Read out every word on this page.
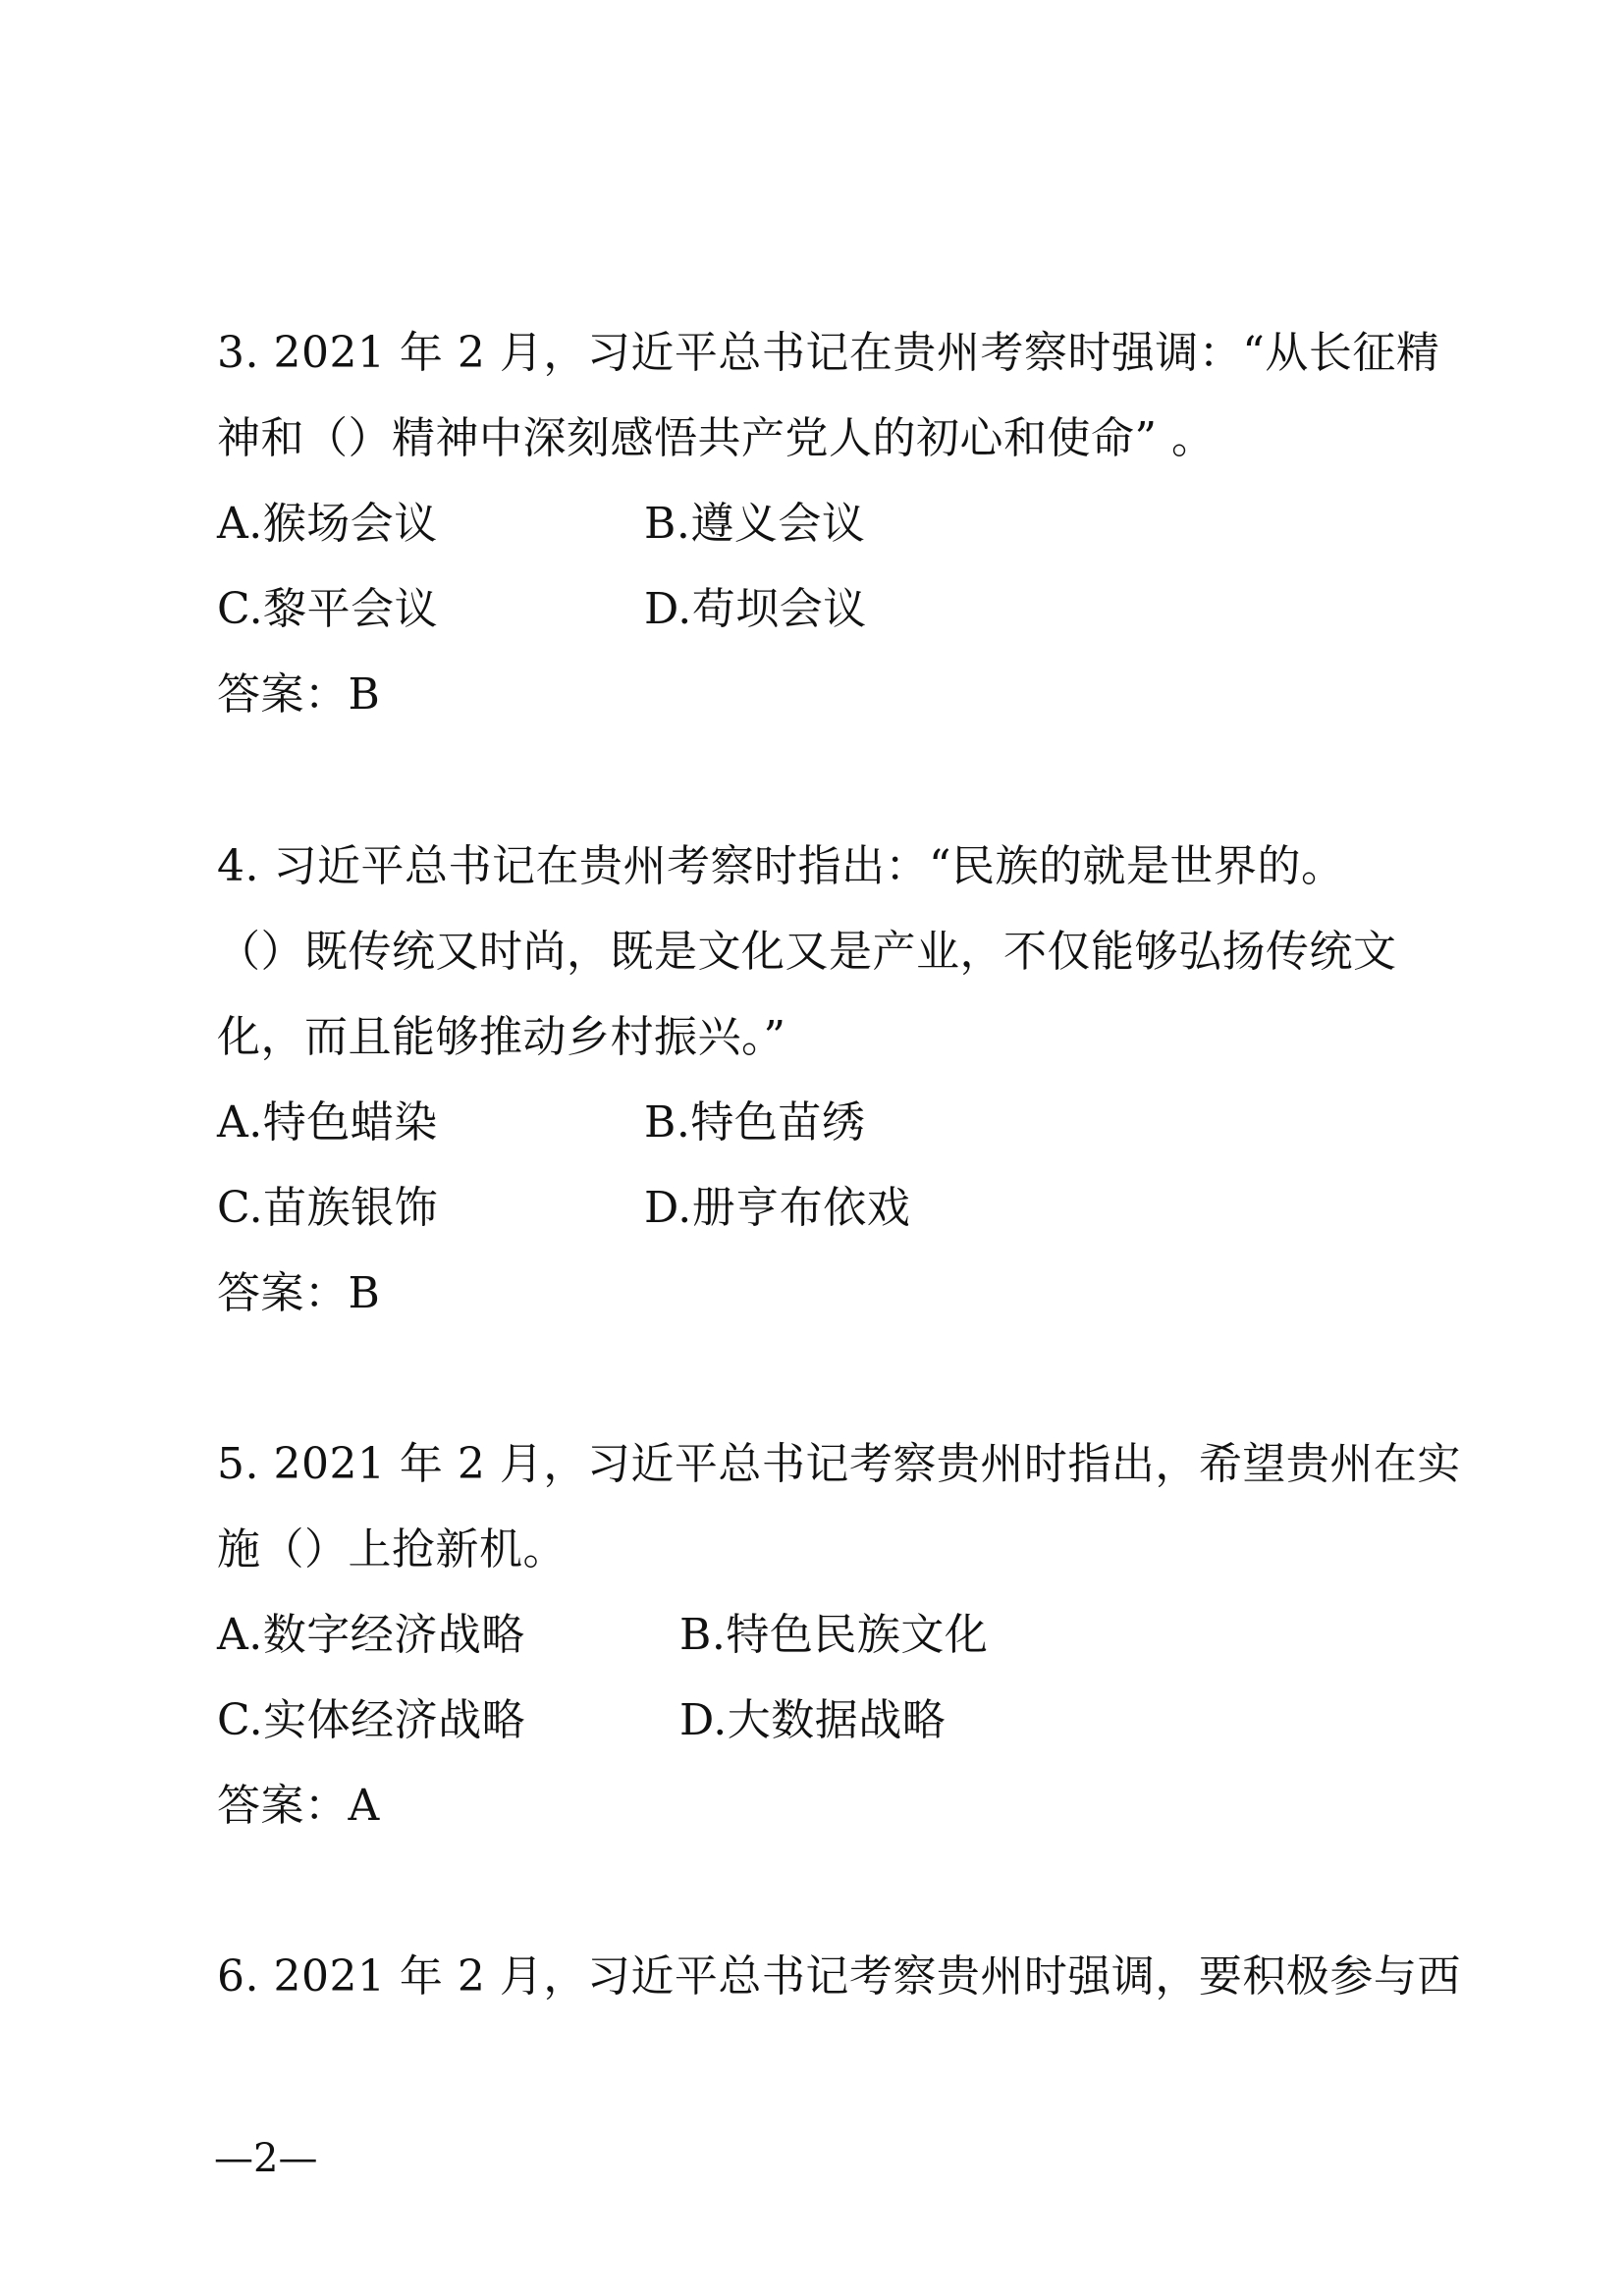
3. 2021 年 2 月，习近平总书记在贵州考察时强调：“从长征精
神和（）精神中深刻感悟共产党人的初心和使命” 。
A.猴场会议	B.遵义会议
C.黎平会议	D.苟坝会议
答案：B
4. 习近平总书记在贵州考察时指出：“民族的就是世界的。
（）既传统又时尚，既是文化又是产业，不仅能够弘扬传统文
化，而且能够推动乡村振兴。”
A.特色蜡染	B.特色苗绣
C.苗族银饰	D.册亨布依戏
答案：B
5. 2021 年 2 月，习近平总书记考察贵州时指出，希望贵州在实
施（）上抢新机。
A.数字经济战略	B.特色民族文化
C.实体经济战略	D.大数据战略
答案：A
6. 2021 年 2 月，习近平总书记考察贵州时强调，要积极参与西
—2—
